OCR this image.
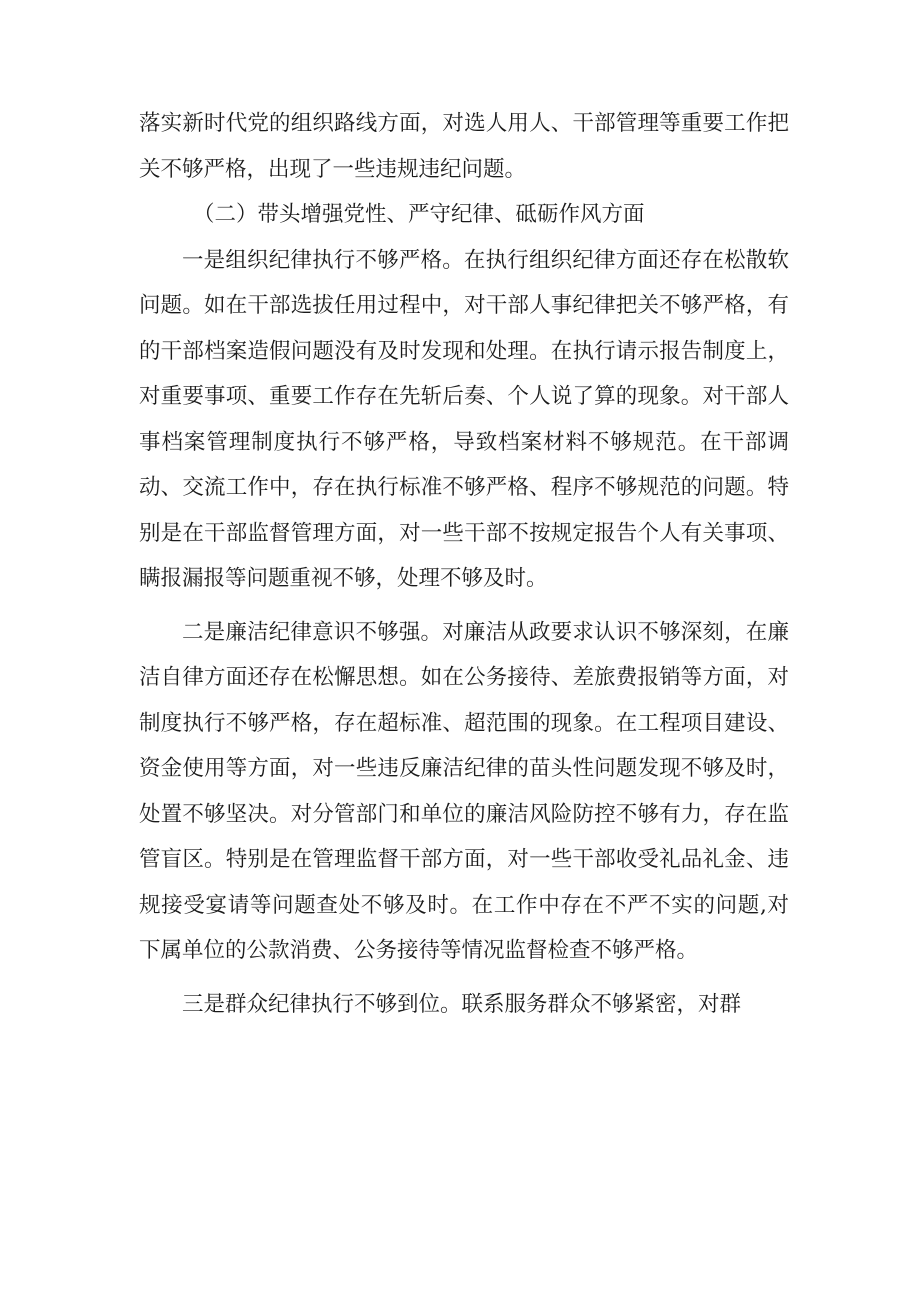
落实新时代党的组织路线方面，对选人用人、干部管理等重要工作把关不够严格，出现了一些违规违纪问题。

（二）带头增强党性、严守纪律、砥砺作风方面

一是组织纪律执行不够严格。在执行组织纪律方面还存在松散软问题。如在干部选拔任用过程中，对干部人事纪律把关不够严格，有的干部档案造假问题没有及时发现和处理。在执行请示报告制度上，对重要事项、重要工作存在先斩后奏、个人说了算的现象。对干部人事档案管理制度执行不够严格，导致档案材料不够规范。在干部调动、交流工作中，存在执行标准不够严格、程序不够规范的问题。特别是在干部监督管理方面，对一些干部不按规定报告个人有关事项、瞒报漏报等问题重视不够，处理不够及时。

二是廉洁纪律意识不够强。对廉洁从政要求认识不够深刻，在廉洁自律方面还存在松懈思想。如在公务接待、差旅费报销等方面，对制度执行不够严格，存在超标准、超范围的现象。在工程项目建设、资金使用等方面，对一些违反廉洁纪律的苗头性问题发现不够及时，处置不够坚决。对分管部门和单位的廉洁风险防控不够有力，存在监管盲区。特别是在管理监督干部方面，对一些干部收受礼品礼金、违规接受宴请等问题查处不够及时。在工作中存在不严不实的问题,对下属单位的公款消费、公务接待等情况监督检查不够严格。

三是群众纪律执行不够到位。联系服务群众不够紧密，对群
